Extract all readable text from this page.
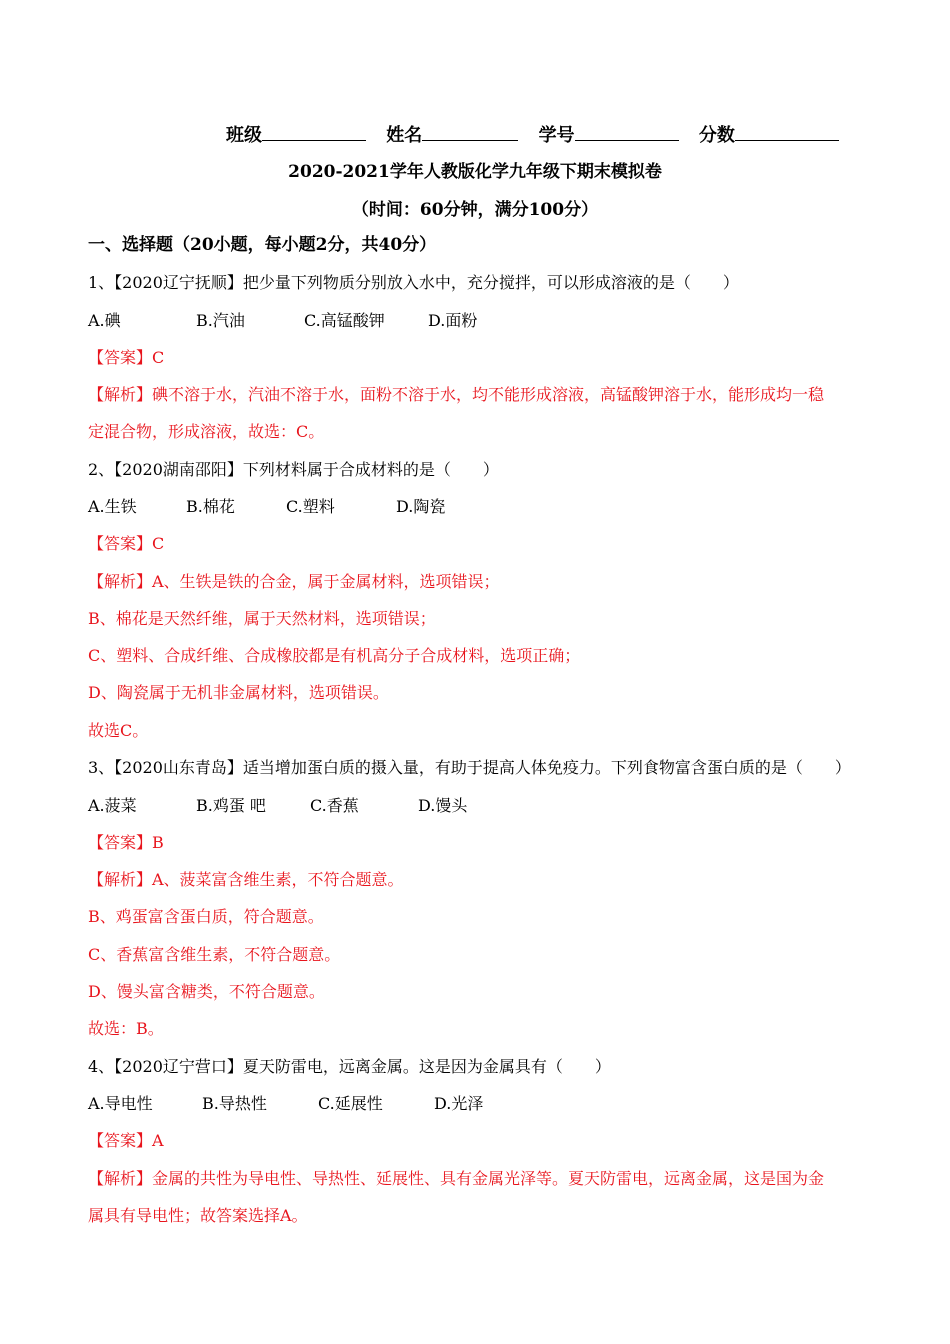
班级	姓名	学号	分数
2020-2021学年人教版化学九年级下期末模拟卷
（时间：60分钟，满分100分）
一、选择题（20小题，每小题2分，共40分）
1、【2020辽宁抚顺】把少量下列物质分别放入水中，充分搅拌，可以形成溶液的是（　　）
A.碘	B.汽油	C.高锰酸钾	D.面粉
【答案】C
【解析】碘不溶于水，汽油不溶于水，面粉不溶于水，均不能形成溶液，高锰酸钾溶于水，能形成均一稳
定混合物，形成溶液，故选：C。
2、【2020湖南邵阳】下列材料属于合成材料的是（　　）
A.生铁	B.棉花	C.塑料	D.陶瓷
【答案】C
【解析】A、生铁是铁的合金，属于金属材料，选项错误；
B、棉花是天然纤维，属于天然材料，选项错误；
C、塑料、合成纤维、合成橡胶都是有机高分子合成材料，选项正确；
D、陶瓷属于无机非金属材料，选项错误。
故选C。
3、【2020山东青岛】适当增加蛋白质的摄入量，有助于提高人体免疫力。下列食物富含蛋白质的是（　　）
A.菠菜	B.鸡蛋 吧	C.香蕉	D.馒头
【答案】B
【解析】A、菠菜富含维生素，不符合题意。
B、鸡蛋富含蛋白质，符合题意。
C、香蕉富含维生素，不符合题意。
D、馒头富含糖类，不符合题意。
故选：B。
4、【2020辽宁营口】夏天防雷电，远离金属。这是因为金属具有（　　）
A.导电性	B.导热性	C.延展性	D.光泽
【答案】A
【解析】金属的共性为导电性、导热性、延展性、具有金属光泽等。夏天防雷电，远离金属，这是国为金
属具有导电性；故答案选择A。
